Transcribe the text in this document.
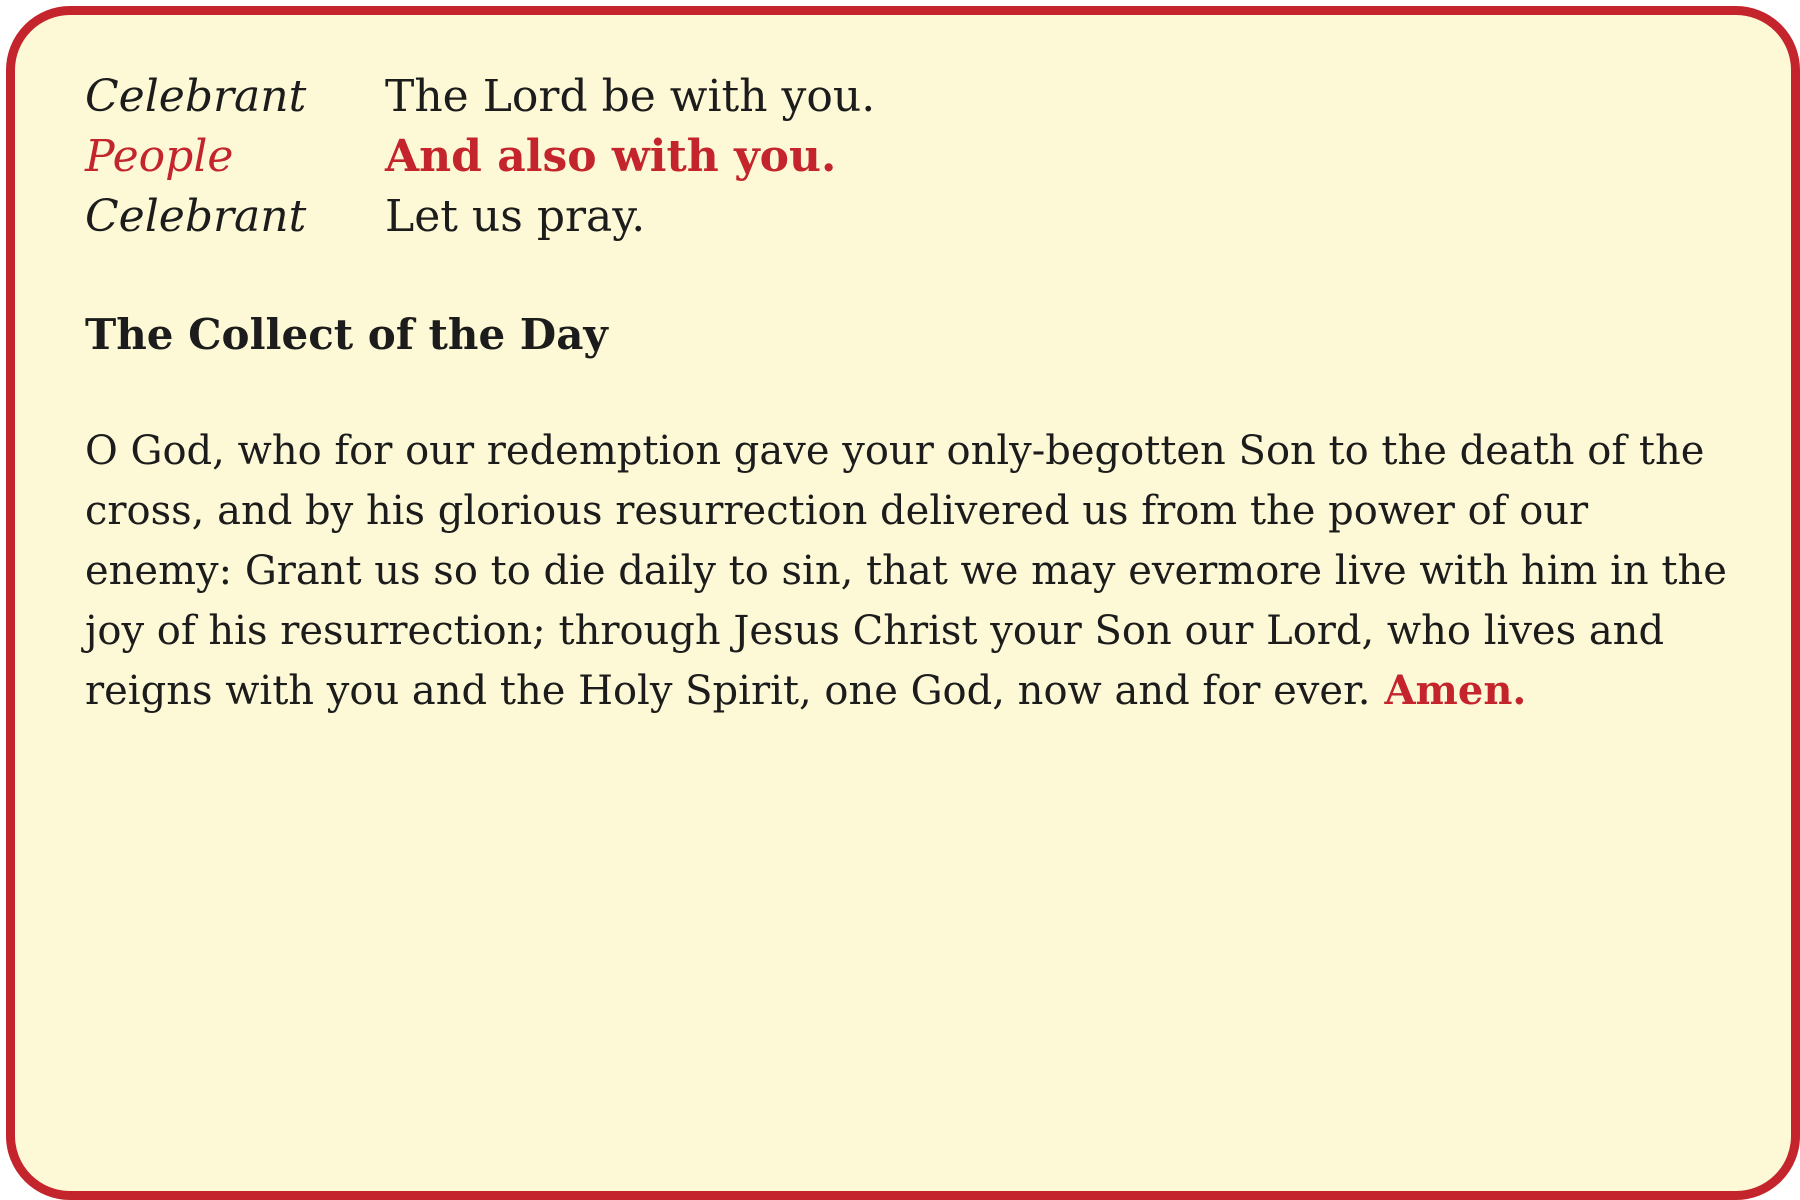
Celebrant	The Lord be with you.
People	And also with you.
Celebrant	Let us pray.
The Collect of the Day

O God, who for our redemption gave your only-begotten Son to the death of the cross, and by his glorious resurrection delivered us from the power of our enemy: Grant us so to die daily to sin, that we may evermore live with him in the joy of his resurrection; through Jesus Christ your Son our Lord, who lives and reigns with you and the Holy Spirit, one God, now and for ever. Amen.
